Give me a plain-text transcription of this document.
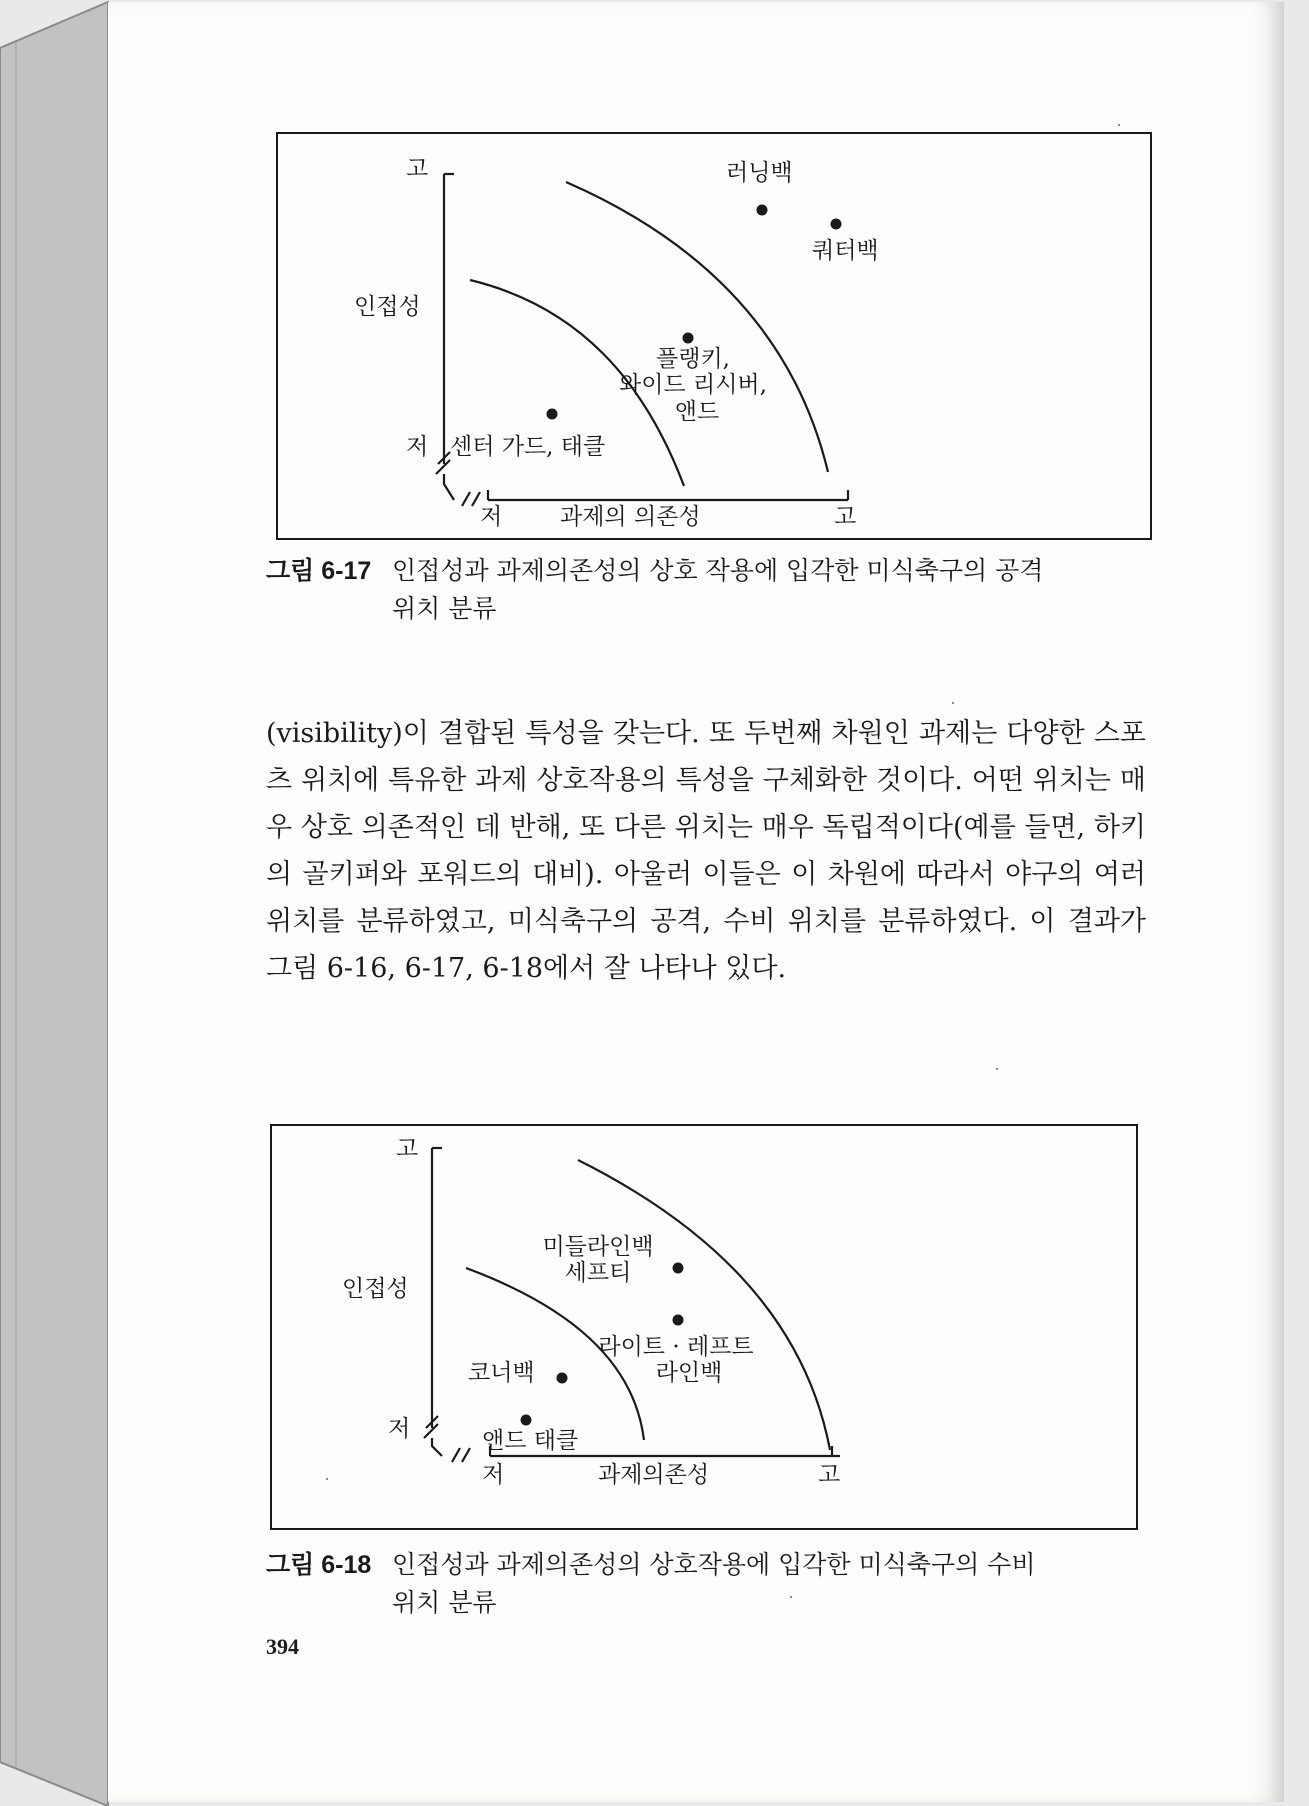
고
인접성
저
저	과제의 의존성	고
러닝백
쿼터백
플랭키,
와이드 리시버,
앤드
센터 가드, 태클
그림 6-17 인접성과 과제의존성의 상호 작용에 입각한 미식축구의 공격
위치 분류

(visibility)이 결합된 특성을 갖는다. 또 두번째 차원인 과제는 다양한 스포츠 위치에 특유한 과제 상호작용의 특성을 구체화한 것이다. 어떤 위치는 매우 상호 의존적인 데 반해, 또 다른 위치는 매우 독립적이다(예를 들면, 하키의 골키퍼와 포워드의 대비). 아울러 이들은 이 차원에 따라서 야구의 여러 위치를 분류하였고, 미식축구의 공격, 수비 위치를 분류하였다. 이 결과가 그림 6-16, 6-17, 6-18에서 잘 나타나 있다.

고
인접성
저
저	과제의존성	고
미들라인백
세프티
라이트 · 레프트
라인백
코너백
앤드 태클
그림 6-18 인접성과 과제의존성의 상호작용에 입각한 미식축구의 수비
위치 분류
394
